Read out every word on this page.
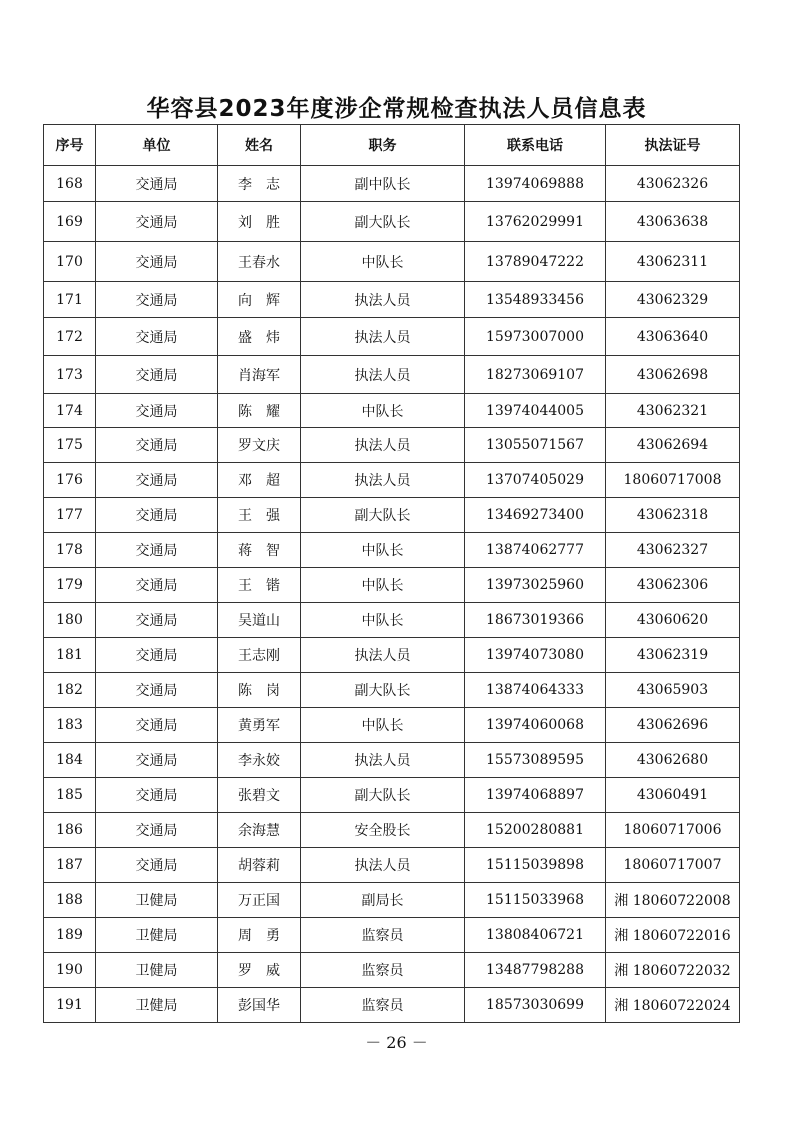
华容县2023年度涉企常规检查执法人员信息表
序号	单位	姓名	职务	联系电话	执法证号
168	交通局	李　志	副中队长	13974069888	43062326
169	交通局	刘　胜	副大队长	13762029991	43063638
170	交通局	王春水	中队长	13789047222	43062311
171	交通局	向　辉	执法人员	13548933456	43062329
172	交通局	盛　炜	执法人员	15973007000	43063640
173	交通局	肖海军	执法人员	18273069107	43062698
174	交通局	陈　耀	中队长	13974044005	43062321
175	交通局	罗文庆	执法人员	13055071567	43062694
176	交通局	邓　超	执法人员	13707405029	18060717008
177	交通局	王　强	副大队长	13469273400	43062318
178	交通局	蒋　智	中队长	13874062777	43062327
179	交通局	王　锴	中队长	13973025960	43062306
180	交通局	吴道山	中队长	18673019366	43060620
181	交通局	王志刚	执法人员	13974073080	43062319
182	交通局	陈　岗	副大队长	13874064333	43065903
183	交通局	黄勇军	中队长	13974060068	43062696
184	交通局	李永姣	执法人员	15573089595	43062680
185	交通局	张碧文	副大队长	13974068897	43060491
186	交通局	余海慧	安全股长	15200280881	18060717006
187	交通局	胡蓉莉	执法人员	15115039898	18060717007
188	卫健局	万正国	副局长	15115033968	湘 18060722008
189	卫健局	周　勇	监察员	13808406721	湘 18060722016
190	卫健局	罗　威	监察员	13487798288	湘 18060722032
191	卫健局	彭国华	监察员	18573030699	湘 18060722024
－ 26 －
